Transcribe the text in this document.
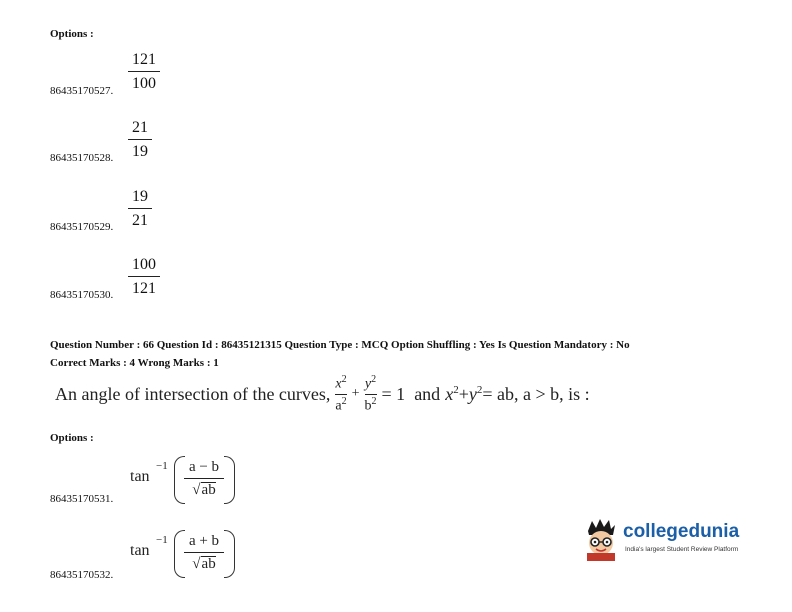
Options :
86435170527.
121
100
86435170528.
21
19
86435170529.
19
21
86435170530.
100
121
Question Number : 66 Question Id : 86435121315 Question Type : MCQ Option Shuffling : Yes Is Question Mandatory : No
Correct Marks : 4 Wrong Marks : 1
An angle of intersection of the curves, $x^2$
$a^2$ +
$y^2$
$b^2 = 1$ and $x^2+y^2=$ ab, a > b, is :
Options :
86435170531.
tan
−1	a − b
√ab
86435170532.
tan
−1	a + b
√ab
collegedunia
India's largest Student Review Platform
